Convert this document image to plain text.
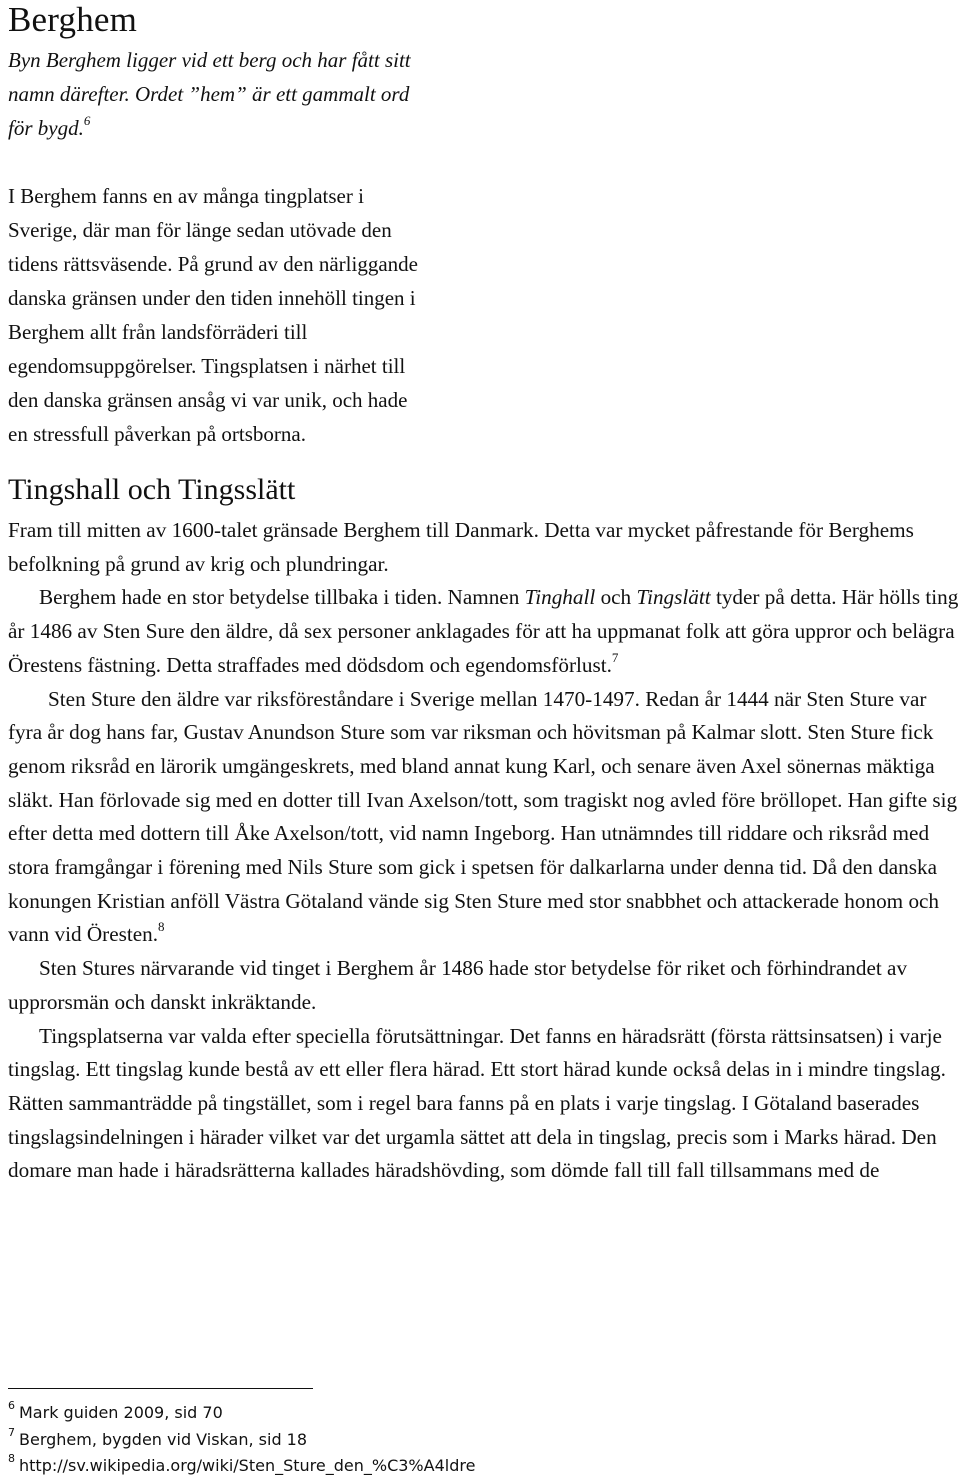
Berghem
Byn Berghem ligger vid ett berg och har fått sitt
namn därefter. Ordet ”hem” är ett gammalt ord
för bygd.$^6$
I Berghem fanns en av många tingplatser i
Sverige, där man för länge sedan utövade den
tidens rättsväsende. På grund av den närliggande
danska gränsen under den tiden innehöll tingen i
Berghem allt från landsförräderi till
egendomsuppgörelser. Tingsplatsen i närhet till
den danska gränsen ansåg vi var unik, och hade
en stressfull påverkan på ortsborna.
Tingshall och Tingsslätt

Fram till mitten av 1600-talet gränsade Berghem till Danmark. Detta var mycket påfrestande för Berghems befolkning på grund av krig och plundringar.

Berghem hade en stor betydelse tillbaka i tiden. Namnen Tinghall och Tingslätt tyder på detta. Här hölls ting år 1486 av Sten Sure den äldre, då sex personer anklagades för att ha uppmanat folk att göra uppror och belägra Örestens fästning. Detta straffades med dödsdom och egendomsförlust.$^7$

Sten Sture den äldre var riksföreståndare i Sverige mellan 1470-1497. Redan år 1444 när Sten Sture var fyra år dog hans far, Gustav Anundson Sture som var riksman och hövitsman på Kalmar slott. Sten Sture fick genom riksråd en lärorik umgängeskrets, med bland annat kung Karl, och senare även Axel sönernas mäktiga släkt. Han förlovade sig med en dotter till Ivan Axelson/tott, som tragiskt nog avled före bröllopet. Han gifte sig efter detta med dottern till Åke Axelson/tott, vid namn Ingeborg. Han utnämndes till riddare och riksråd med stora framgångar i förening med Nils Sture som gick i spetsen för dalkarlarna under denna tid. Då den danska konungen Kristian anföll Västra Götaland vände sig Sten Sture med stor snabbhet och attackerade honom och vann vid Öresten.$^8$

Sten Stures närvarande vid tinget i Berghem år 1486 hade stor betydelse för riket och förhindrandet av upprorsmän och danskt inkräktande.

Tingsplatserna var valda efter speciella förutsättningar. Det fanns en häradsrätt (första rättsinsatsen) i varje tingslag. Ett tingslag kunde bestå av ett eller flera härad. Ett stort härad kunde också delas in i mindre tingslag. Rätten sammanträdde på tingstället, som i regel bara fanns på en plats i varje tingslag. I Götaland baserades tingslagsindelningen i härader vilket var det urgamla sättet att dela in tingslag, precis som i Marks härad. Den domare man hade i häradsrätterna kallades häradshövding, som dömde fall till fall tillsammans med de

$^6$ Mark guiden 2009, sid 70
$^7$ Berghem, bygden vid Viskan, sid 18
$^8$ http://sv.wikipedia.org/wiki/Sten_Sture_den_%C3%A4ldre
